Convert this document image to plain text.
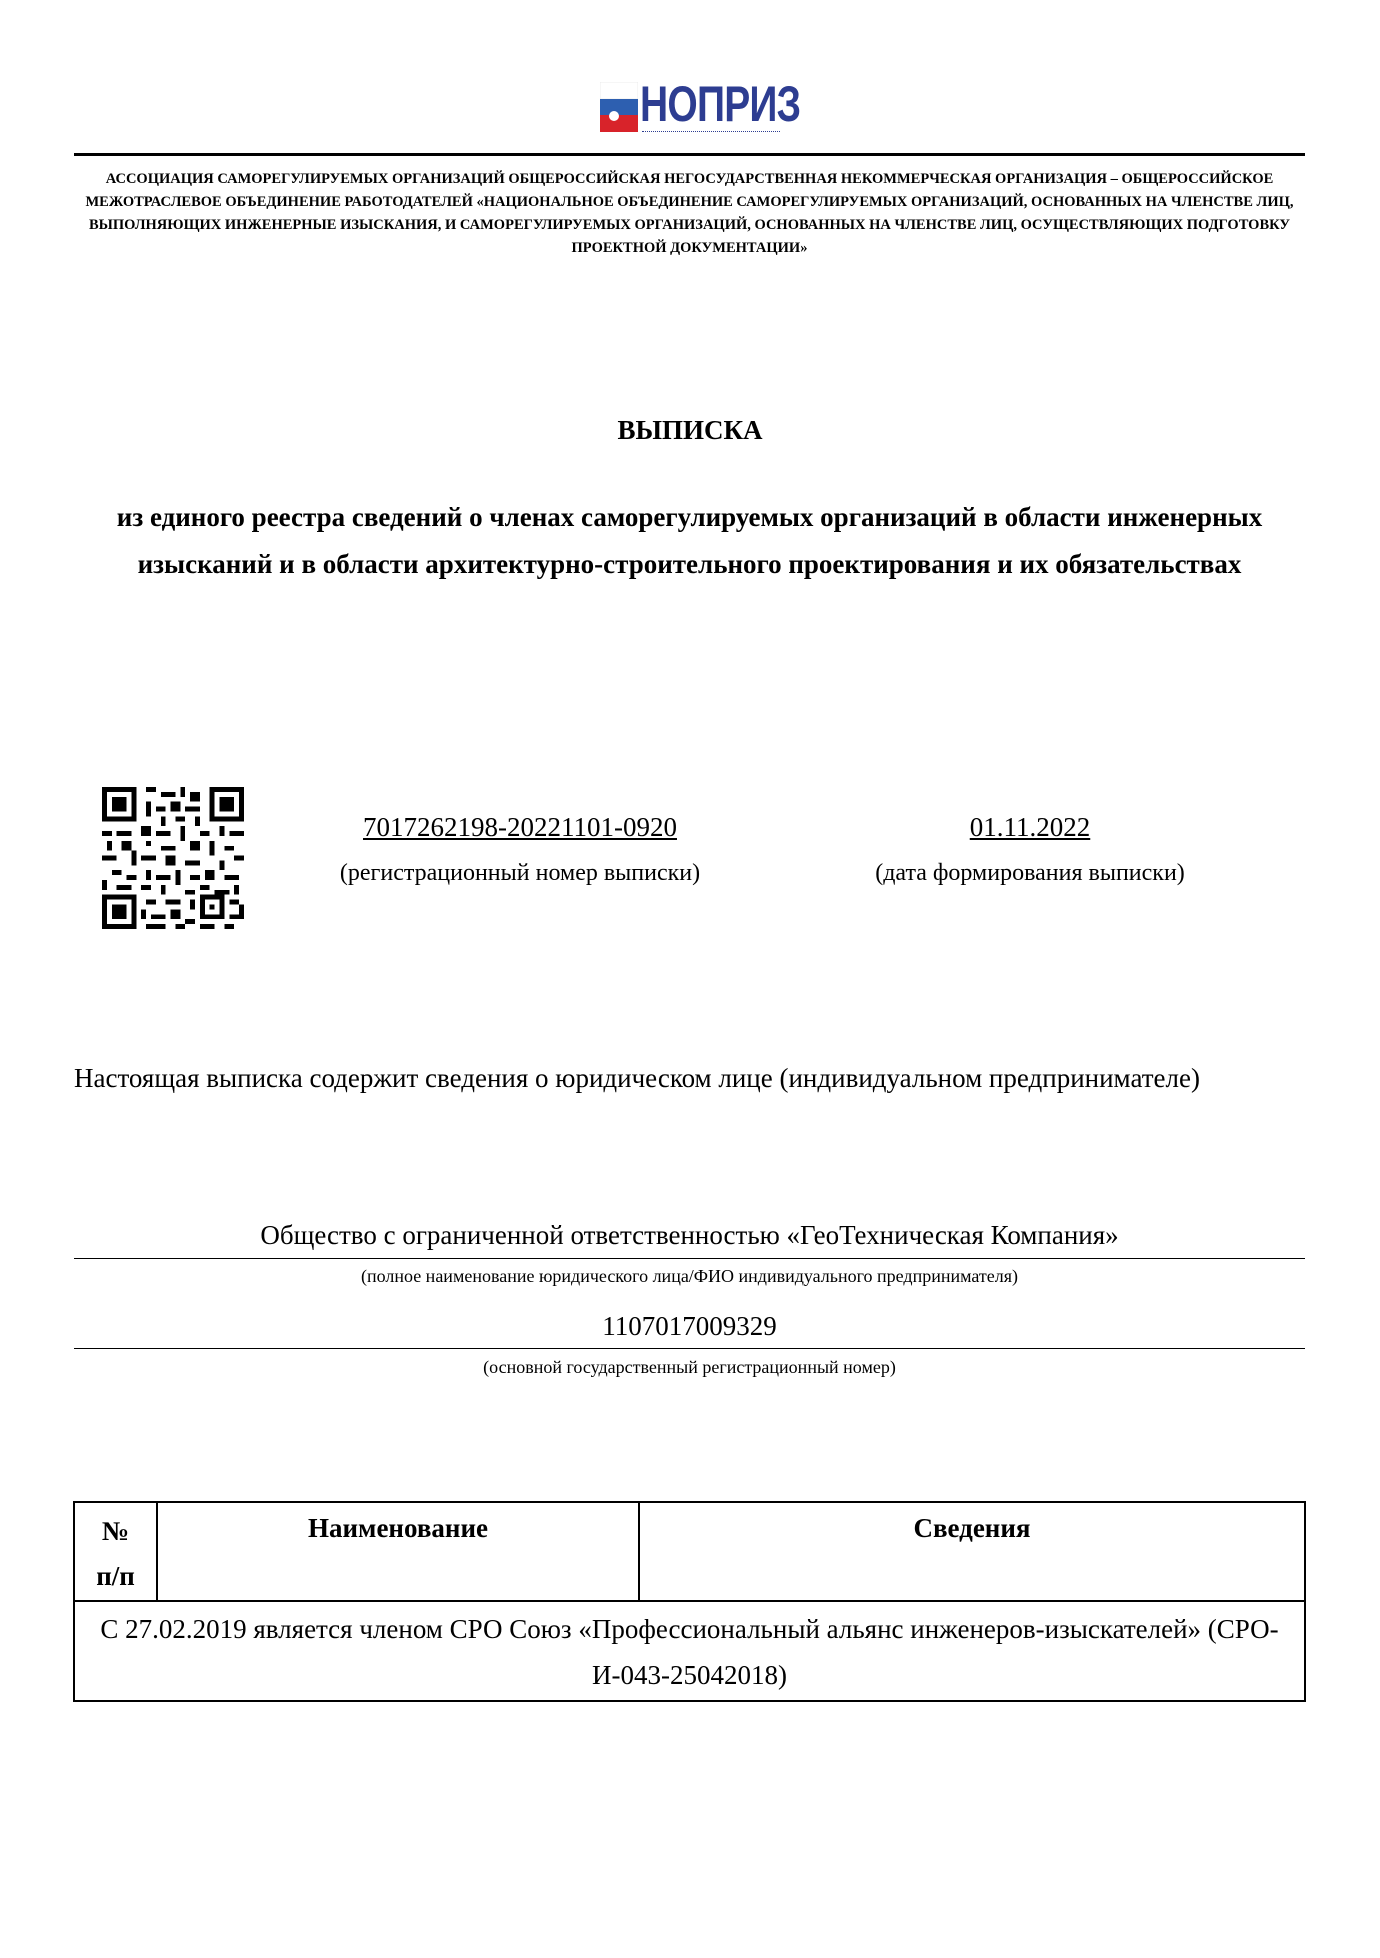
НОПРИЗ
АССОЦИАЦИЯ САМОРЕГУЛИРУЕМЫХ ОРГАНИЗАЦИЙ ОБЩЕРОССИЙСКАЯ НЕГОСУДАРСТВЕННАЯ НЕКОММЕРЧЕСКАЯ ОРГАНИЗАЦИЯ – ОБЩЕРОССИЙСКОЕ МЕЖОТРАСЛЕВОЕ ОБЪЕДИНЕНИЕ РАБОТОДАТЕЛЕЙ «НАЦИОНАЛЬНОЕ ОБЪЕДИНЕНИЕ САМОРЕГУЛИРУЕМЫХ ОРГАНИЗАЦИЙ, ОСНОВАННЫХ НА ЧЛЕНСТВЕ ЛИЦ, ВЫПОЛНЯЮЩИХ ИНЖЕНЕРНЫЕ ИЗЫСКАНИЯ, И САМОРЕГУЛИРУЕМЫХ ОРГАНИЗАЦИЙ, ОСНОВАННЫХ НА ЧЛЕНСТВЕ ЛИЦ, ОСУЩЕСТВЛЯЮЩИХ ПОДГОТОВКУ ПРОЕКТНОЙ ДОКУМЕНТАЦИИ»
ВЫПИСКА
из единого реестра сведений о членах саморегулируемых организаций в области инженерных изысканий и в области архитектурно-строительного проектирования и их обязательствах
7017262198-20221101-0920
(регистрационный номер выписки)
01.11.2022
(дата формирования выписки)
Настоящая выписка содержит сведения о юридическом лице (индивидуальном предпринимателе)
Общество с ограниченной ответственностью «ГеоТехническая Компания»
(полное наименование юридического лица/ФИО индивидуального предпринимателя)
1107017009329
(основной государственный регистрационный номер)
№
п/п	Наименование	Сведения
С 27.02.2019 является членом СРО Союз «Профессиональный альянс инженеров-изыскателей» (СРО-И-043-25042018)
